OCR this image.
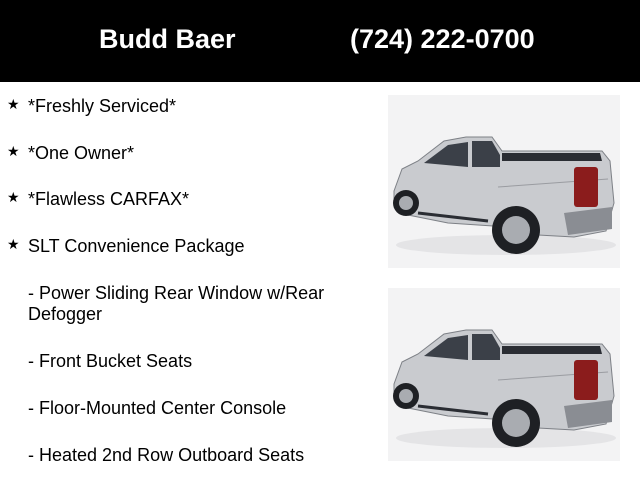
Budd Baer	(724) 222-0700
★ *Freshly Serviced*
★ *One Owner*
★ *Flawless CARFAX*
★ SLT Convenience Package
- Power Sliding Rear Window w/Rear Defogger
- Front Bucket Seats
- Floor-Mounted Center Console
- Heated 2nd Row Outboard Seats
